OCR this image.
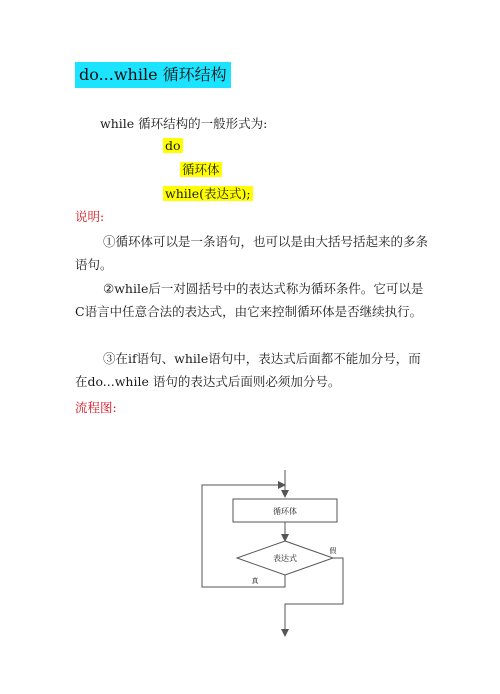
do...while 循环结构
while 循环结构的一般形式为:
do
循环体
while(表达式);
说明:
①循环体可以是一条语句，也可以是由大括号括起来的多条语句。
②while后一对圆括号中的表达式称为循环条件。它可以是C语言中任意合法的表达式，由它来控制循环体是否继续执行。
③在if语句、while语句中，表达式后面都不能加分号，而在do...while 语句的表达式后面则必须加分号。
流程图:
循环体
表达式
真
假
